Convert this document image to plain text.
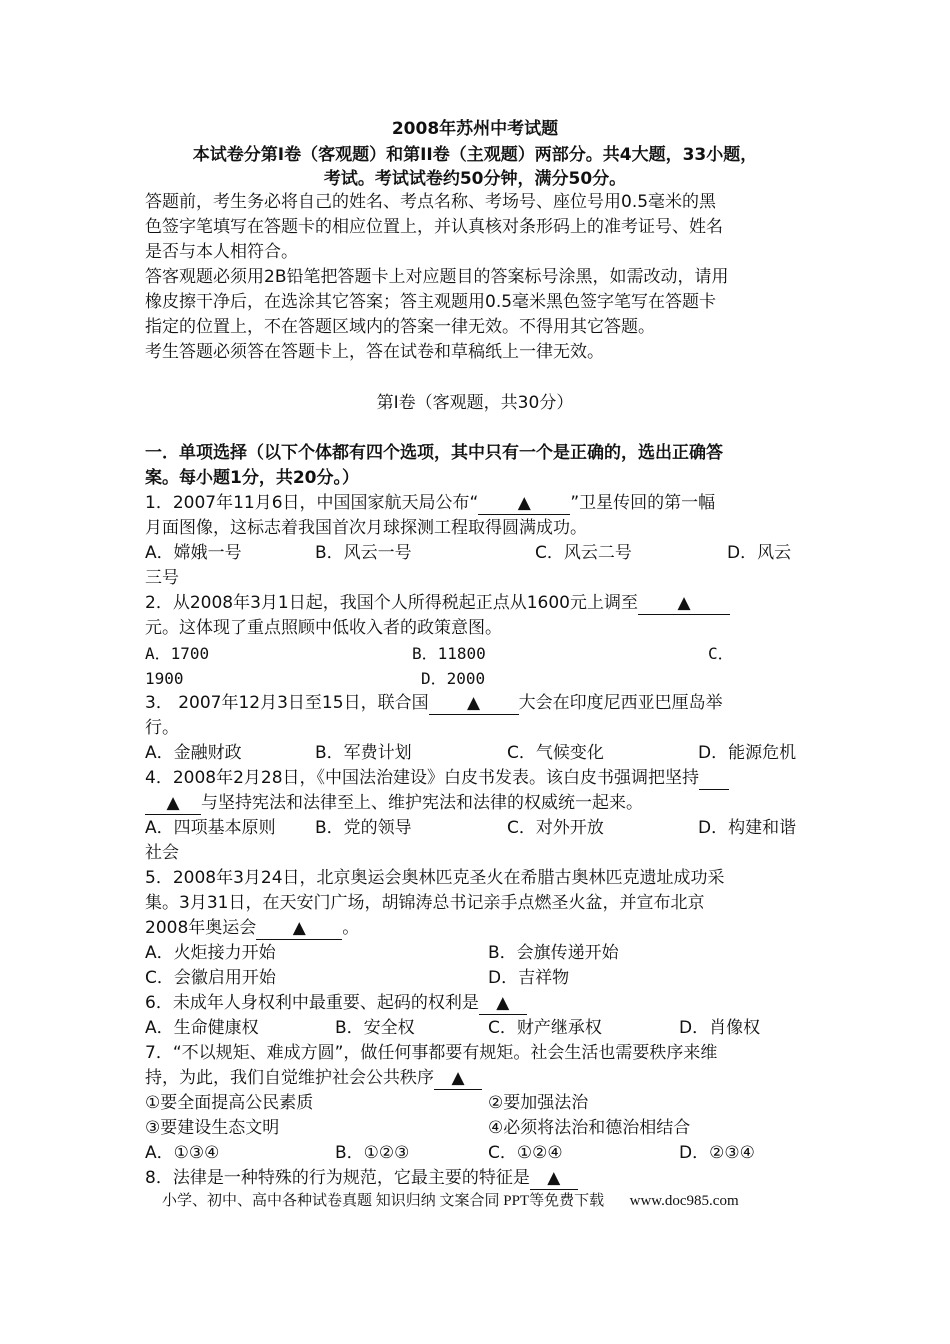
2008年苏州中考试题
本试卷分第Ⅰ卷（客观题）和第ⅠⅠ卷（主观题）两部分。共4大题，33小题，
考试。考试试卷约50分钟，满分50分。
答题前，考生务必将自己的姓名、考点名称、考场号、座位号用0.5毫米的黑
色签字笔填写在答题卡的相应位置上，并认真核对条形码上的准考证号、姓名
是否与本人相符合。
答客观题必须用2B铅笔把答题卡上对应题目的答案标号涂黑，如需改动，请用
橡皮擦干净后，在选涂其它答案；答主观题用0.5毫米黑色签字笔写在答题卡
指定的位置上，不在答题区域内的答案一律无效。不得用其它答题。
考生答题必须答在答题卡上，答在试卷和草稿纸上一律无效。
第Ⅰ卷（客观题，共30分）
一．单项选择（以下个体都有四个选项，其中只有一个是正确的，选出正确答
案。每小题1分，共20分。）
1．2007年11月6日，中国国家航天局公布“ ▲ ”卫星传回的第一幅
月面图像，这标志着我国首次月球探测工程取得圆满成功。
A．嫦娥一号	B．风云一号	C．风云二号	D．风云
三号
2．从2008年3月1日起，我国个人所得税起正点从1600元上调至 ▲
元。这体现了重点照顾中低收入者的政策意图。
A．1700	B．11800	C．
1900	D．2000
3． 2007年12月3日至15日，联合国 ▲ 大会在印度尼西亚巴厘岛举
行。
A．金融财政	B．军费计划	C．气候变化	D．能源危机
4．2008年2月28日，《中国法治建设》白皮书发表。该白皮书强调把坚持
▲ 与坚持宪法和法律至上、维护宪法和法律的权威统一起来。
A．四项基本原则 B．党的领导	C．对外开放	D．构建和谐
社会
5．2008年3月24日，北京奥运会奥林匹克圣火在希腊古奥林匹克遗址成功采
集。3月31日，在天安门广场，胡锦涛总书记亲手点燃圣火盆，并宣布北京
2008年奥运会 ▲ 。
A．火炬接力开始	B．会旗传递开始
C．会徽启用开始	D．吉祥物
6．未成年人身权利中最重要、起码的权利是 ▲
A．生命健康权	B．安全权	C．财产继承权	D．肖像权
7．“不以规矩、难成方圆”，做任何事都要有规矩。社会生活也需要秩序来维
持，为此，我们自觉维护社会公共秩序 ▲
①要全面提高公民素质	②要加强法治
③要建设生态文明	④必须将法治和德治相结合
A．①③④	B．①②③	C．①②④	D．②③④
8．法律是一种特殊的行为规范，它最主要的特征是 ▲
小学、初中、高中各种试卷真题 知识归纳 文案合同 PPT等免费下载 www.doc985.com
